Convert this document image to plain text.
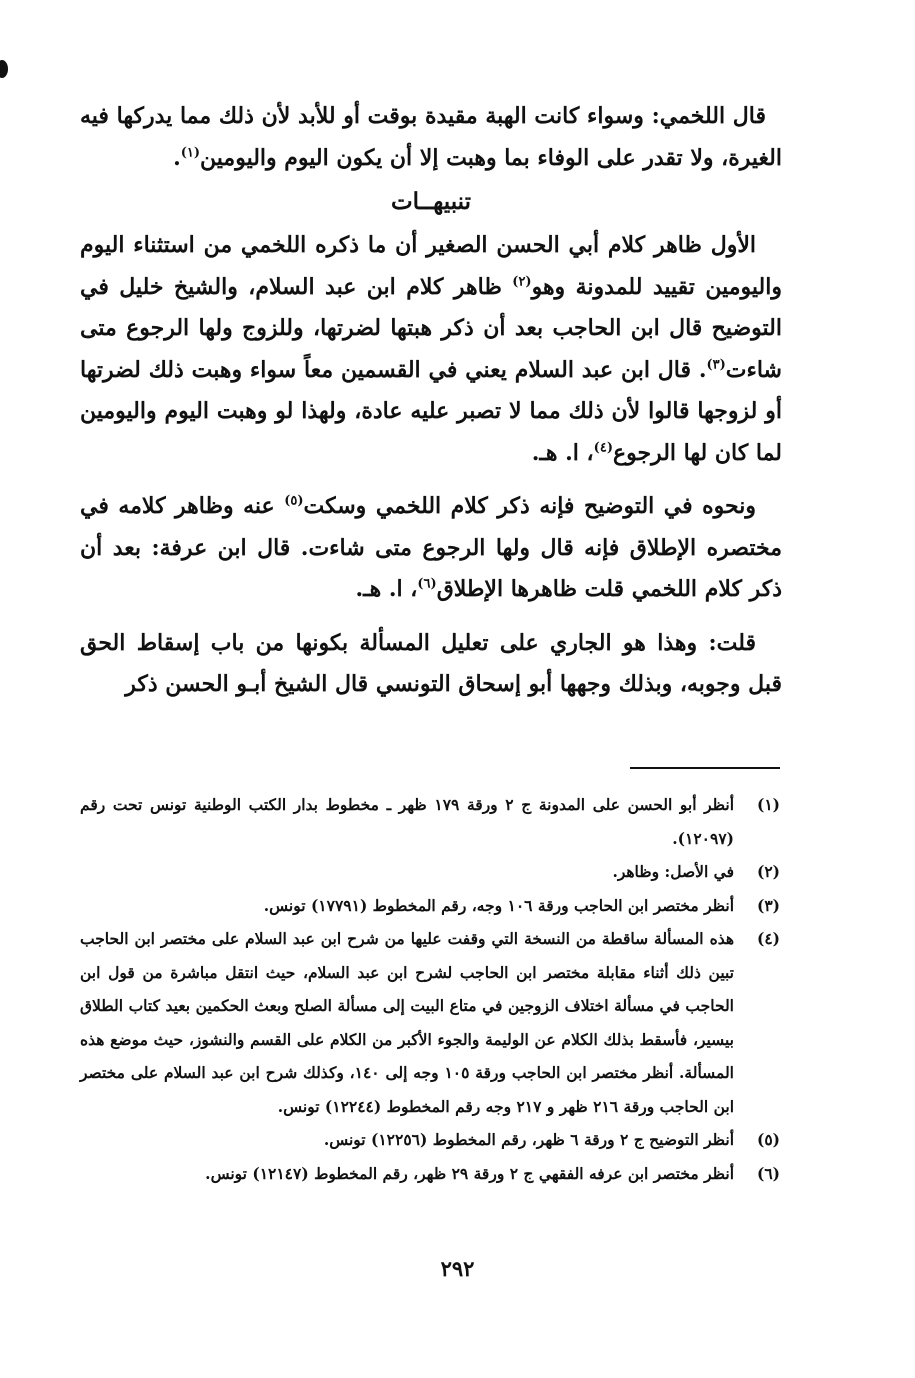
قال اللخمي: وسواء كانت الهبة مقيدة بوقت أو للأبد لأن ذلك مما يدركها فيه الغيرة، ولا تقدر على الوفاء بما وهبت إلا أن يكون اليوم واليومين$^{(١)}$.

تنبيهــات

الأول ظاهر كلام أبي الحسن الصغير أن ما ذكره اللخمي من استثناء اليوم واليومين تقييد للمدونة وهو$^{(٢)}$ ظاهر كلام ابن عبد السلام، والشيخ خليل في التوضيح قال ابن الحاجب بعد أن ذكر هبتها لضرتها، وللزوج ولها الرجوع متى شاءت$^{(٣)}$. قال ابن عبد السلام يعني في القسمين معاً سواء وهبت ذلك لضرتها أو لزوجها قالوا لأن ذلك مما لا تصبر عليه عادة، ولهذا لو وهبت اليوم واليومين لما كان لها الرجوع$^{(٤)}$، ا. هـ.

ونحوه في التوضيح فإنه ذكر كلام اللخمي وسكت$^{(٥)}$ عنه وظاهر كلامه في مختصره الإطلاق فإنه قال ولها الرجوع متى شاءت. قال ابن عرفة: بعد أن ذكر كلام اللخمي قلت ظاهرها الإطلاق$^{(٦)}$، ا. هـ.

قلت: وهذا هو الجاري على تعليل المسألة بكونها من باب إسقاط الحق قبل وجوبه، وبذلك وجهها أبو إسحاق التونسي قال الشيخ أبـو الحسن ذكر

(١)
أنظر أبو الحسن على المدونة ج ٢ ورقة ١٧٩ ظهر ـ مخطوط بدار الكتب الوطنية تونس تحت رقم (١٢٠٩٧).
(٢)
في الأصل: وظاهر.
(٣)
أنظر مختصر ابن الحاجب ورقة ١٠٦ وجه، رقم المخطوط (١٧٧٩١) تونس.
(٤)
هذه المسألة ساقطة من النسخة التي وقفت عليها من شرح ابن عبد السلام على مختصر ابن الحاجب تبين ذلك أثناء مقابلة مختصر ابن الحاجب لشرح ابن عبد السلام، حيث انتقل مباشرة من قول ابن الحاجب في مسألة اختلاف الزوجين في متاع البيت إلى مسألة الصلح وبعث الحكمين بعيد كتاب الطلاق بيسير، فأسقط بذلك الكلام عن الوليمة والجوء الأكبر من الكلام على القسم والنشوز، حيث موضع هذه المسألة. أنظر مختصر ابن الحاجب ورقة ١٠٥ وجه إلى ١٤٠، وكذلك شرح ابن عبد السلام على مختصر ابن الحاجب ورقة ٢١٦ ظهر و ٢١٧ وجه رقم المخطوط (١٢٢٤٤) تونس.
(٥)
أنظر التوضيح ج ٢ ورقة ٦ ظهر، رقم المخطوط (١٢٢٥٦) تونس.
(٦)
أنظر مختصر ابن عرفه الفقهي ج ٢ ورقة ٢٩ ظهر، رقم المخطوط (١٢١٤٧) تونس.
٢٩٢
